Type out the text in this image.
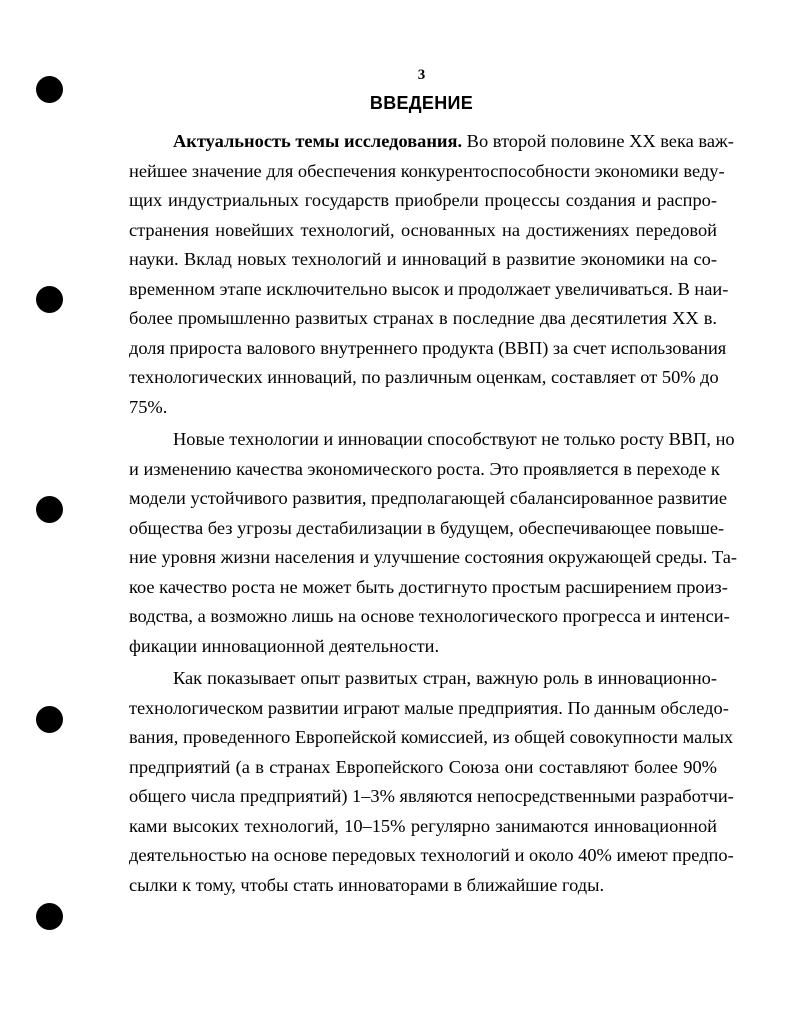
3
ВВЕДЕНИЕ
Актуальность темы исследования. Во второй половине XX века важ-
нейшее значение для обеспечения конкурентоспособности экономики веду-
щих индустриальных государств приобрели процессы создания и распро-
странения новейших технологий, основанных на достижениях передовой
науки. Вклад новых технологий и инноваций в развитие экономики на со-
временном этапе исключительно высок и продолжает увеличиваться. В наи-
более промышленно развитых странах в последние два десятилетия XX в.
доля прироста валового внутреннего продукта (ВВП) за счет использования
технологических инноваций, по различным оценкам, составляет от 50% до
75%.
Новые технологии и инновации способствуют не только росту ВВП, но
и изменению качества экономического роста. Это проявляется в переходе к
модели устойчивого развития, предполагающей сбалансированное развитие
общества без угрозы дестабилизации в будущем, обеспечивающее повыше-
ние уровня жизни населения и улучшение состояния окружающей среды. Та-
кое качество роста не может быть достигнуто простым расширением произ-
водства, а возможно лишь на основе технологического прогресса и интенси-
фикации инновационной деятельности.
Как показывает опыт развитых стран, важную роль в инновационно-
технологическом развитии играют малые предприятия. По данным обследо-
вания, проведенного Европейской комиссией, из общей совокупности малых
предприятий (а в странах Европейского Союза они составляют более 90%
общего числа предприятий) 1–3% являются непосредственными разработчи-
ками высоких технологий, 10–15% регулярно занимаются инновационной
деятельностью на основе передовых технологий и около 40% имеют предпо-
сылки к тому, чтобы стать инноваторами в ближайшие годы.
